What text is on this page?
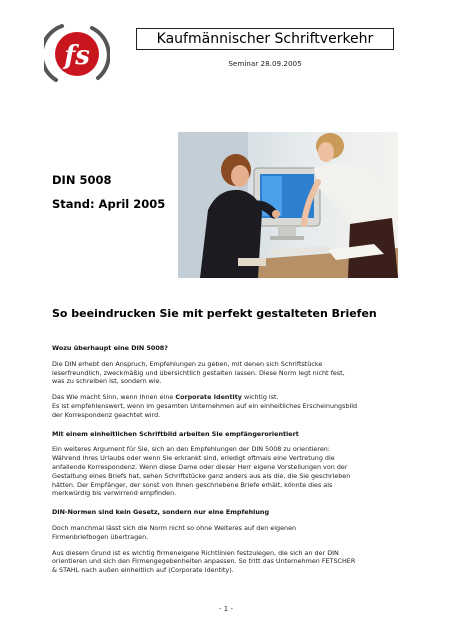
fs
Kaufmännischer Schriftverkehr
Seminar 28.09.2005
DIN 5008
Stand: April 2005
So beeindrucken Sie mit perfekt gestalteten Briefen

Wozu überhaupt eine DIN 5008?

Die DIN erhebt den Anspruch, Empfehlungen zu geben, mit denen sich Schriftstücke

leserfreundlich, zweckmäßig und übersichtlich gestalten lassen. Diese Norm legt nicht fest,

was zu schreiben ist, sondern wie.

Das Wie macht Sinn, wenn Ihnen eine Corporate Identity wichtig ist.

Es ist empfehlenswert, wenn im gesamten Unternehmen auf ein einheitliches Erscheinungsbild

der Korrespondenz geachtet wird.

Mit einem einheitlichen Schriftbild arbeiten Sie empfängerorientiert

Ein weiteres Argument für Sie, sich an den Empfehlungen der DIN 5008 zu orientieren:

Während Ihres Urlaubs oder wenn Sie erkrankt sind, erledigt oftmals eine Vertretung die

anfallende Korrespondenz. Wenn diese Dame oder dieser Herr eigene Vorstellungen von der

Gestaltung eines Briefs hat, sehen Schriftstücke ganz anders aus als die, die Sie geschrieben

hätten. Der Empfänger, der sonst von Ihnen geschriebene Briefe erhält, könnte dies als

merkwürdig bis verwirrend empfinden.

DIN-Normen sind kein Gesetz, sondern nur eine Empfehlung

Doch manchmal lässt sich die Norm nicht so ohne Weiteres auf den eigenen

Firmenbriefbogen übertragen.

Aus diesem Grund ist es wichtig firmeneigene Richtlinien festzulegen, die sich an der DIN

orientieren und sich den Firmengegebenheiten anpassen. So tritt das Unternehmen FETSCHER

& STAHL nach außen einheitlich auf (Corporate Identity).

- 1 -
